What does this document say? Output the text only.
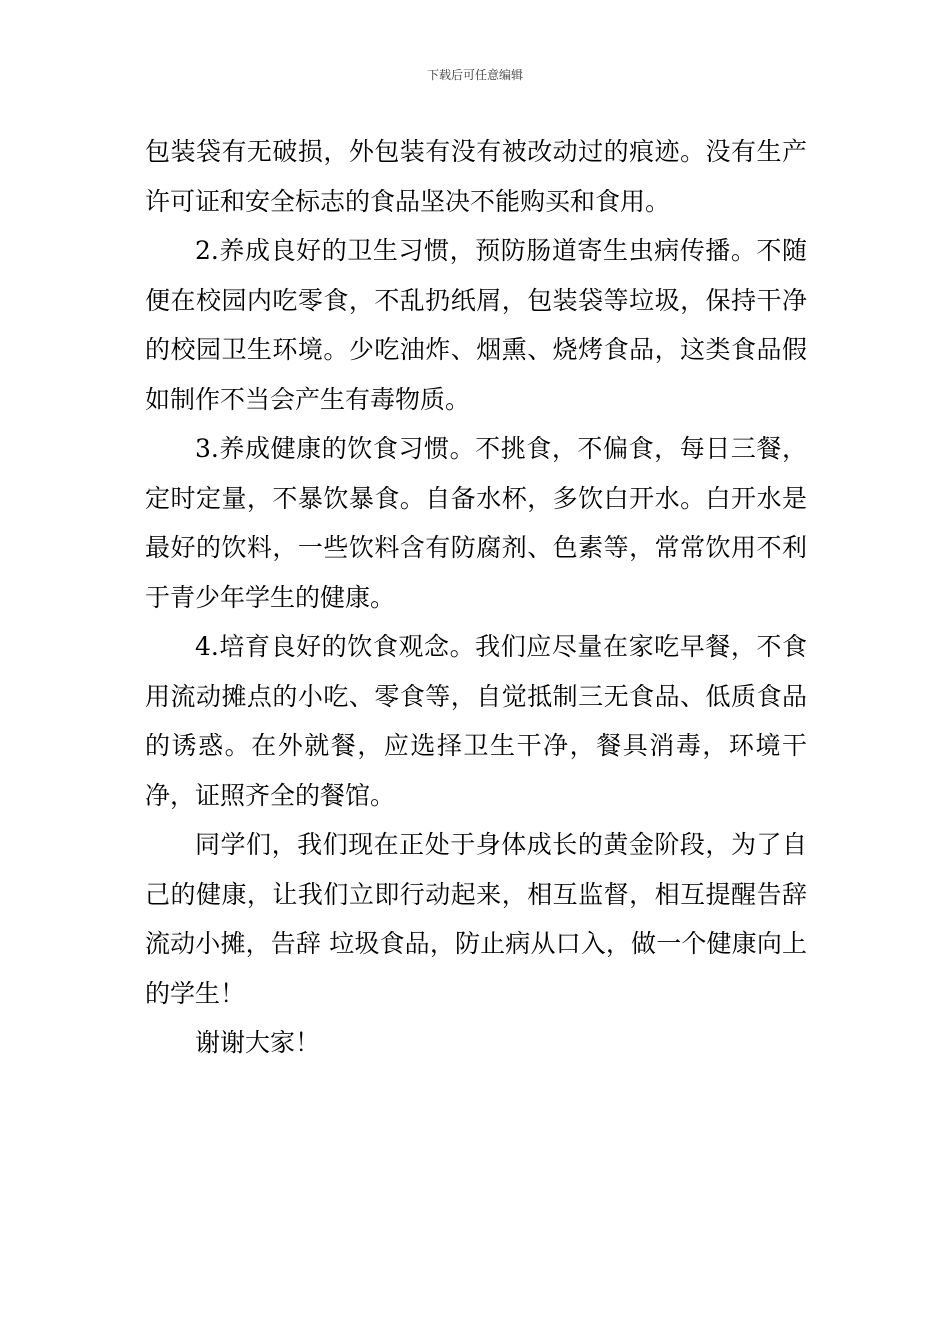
下载后可任意编辑

包装袋有无破损，外包装有没有被改动过的痕迹。没有生产许可证和安全标志的食品坚决不能购买和食用。

2.养成良好的卫生习惯，预防肠道寄生虫病传播。不随便在校园内吃零食，不乱扔纸屑，包装袋等垃圾，保持干净的校园卫生环境。少吃油炸、烟熏、烧烤食品，这类食品假如制作不当会产生有毒物质。

3.养成健康的饮食习惯。不挑食，不偏食，每日三餐，定时定量，不暴饮暴食。自备水杯，多饮白开水。白开水是最好的饮料，一些饮料含有防腐剂、色素等，常常饮用不利于青少年学生的健康。

4.培育良好的饮食观念。我们应尽量在家吃早餐，不食用流动摊点的小吃、零食等，自觉抵制三无食品、低质食品的诱惑。在外就餐，应选择卫生干净，餐具消毒，环境干净，证照齐全的餐馆。

同学们，我们现在正处于身体成长的黄金阶段，为了自己的健康，让我们立即行动起来，相互监督，相互提醒告辞流动小摊，告辞 垃圾食品，防止病从口入，做一个健康向上的学生！

谢谢大家！
